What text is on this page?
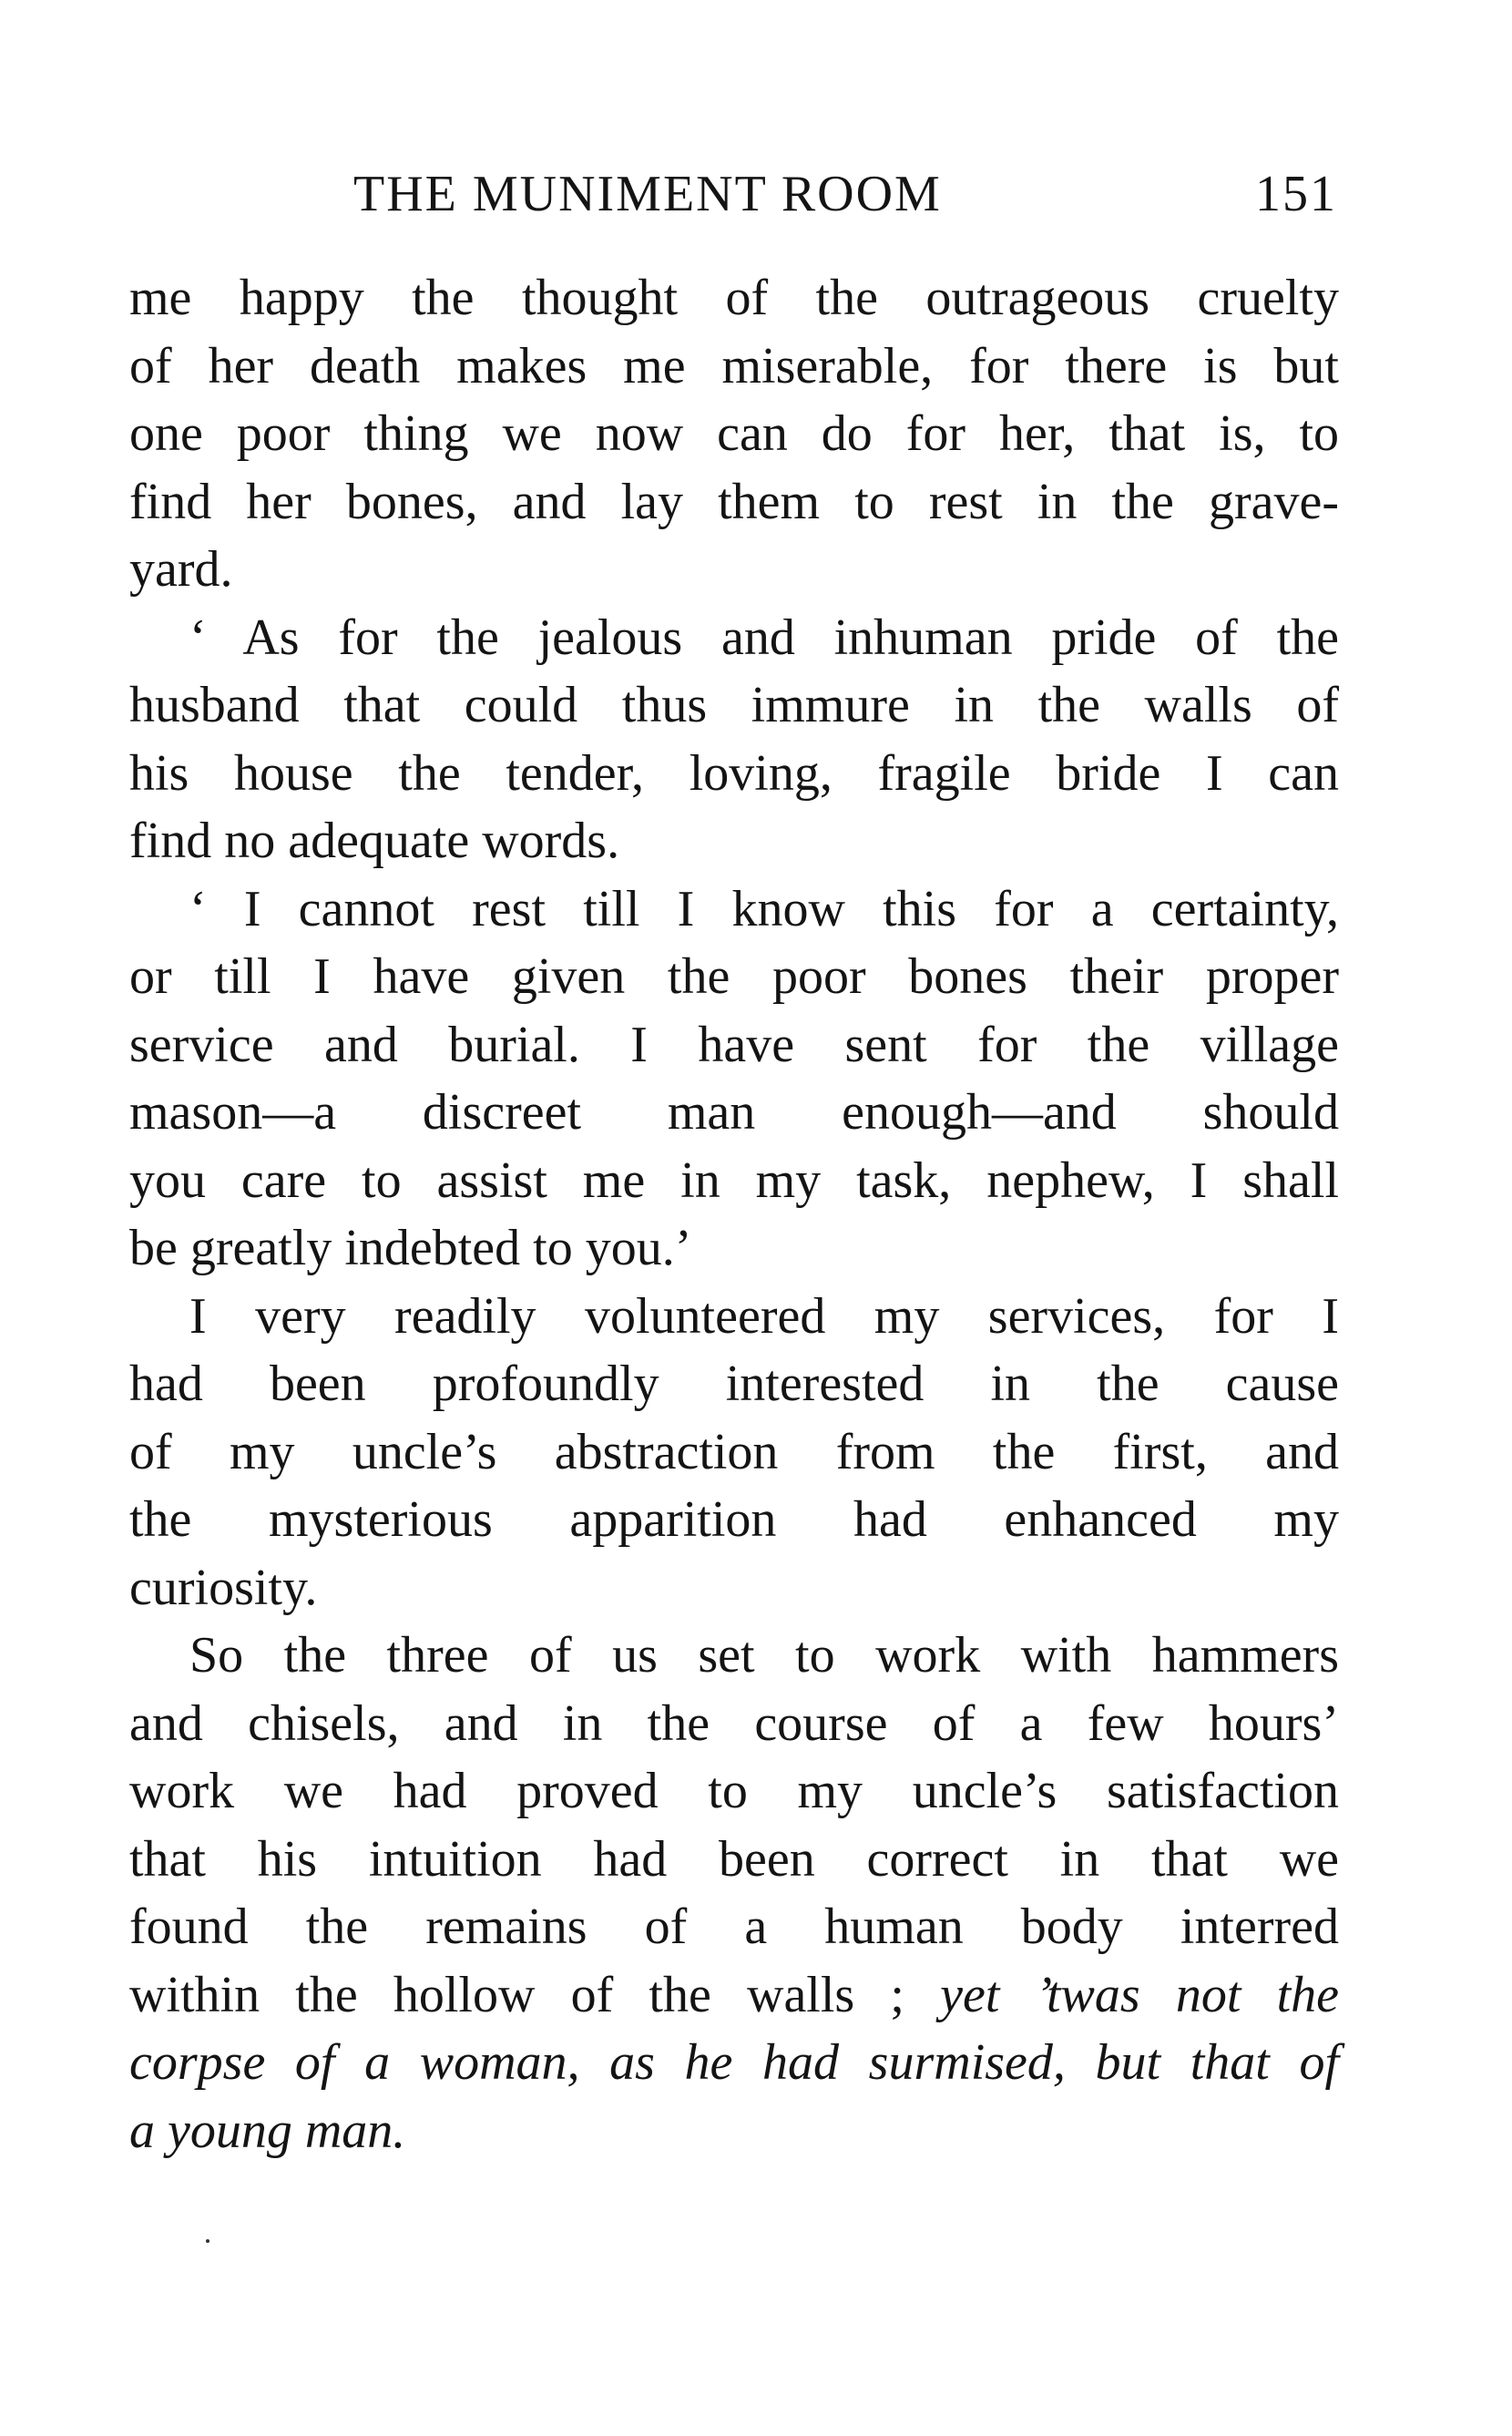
THE MUNIMENT ROOM	151
me happy the thought of the outrageous cruelty
of her death makes me miserable, for there is but
one poor thing we now can do for her, that is, to
find her bones, and lay them to rest in the grave-
yard.
‘ As for the jealous and inhuman pride of the
husband that could thus immure in the walls of
his house the tender, loving, fragile bride I can
find no adequate words.
‘ I cannot rest till I know this for a certainty,
or till I have given the poor bones their proper
service and burial. I have sent for the village
mason—a discreet man enough—and should
you care to assist me in my task, nephew, I shall
be greatly indebted to you.’
I very readily volunteered my services, for I
had been profoundly interested in the cause
of my uncle’s abstraction from the first, and
the mysterious apparition had enhanced my
curiosity.
So the three of us set to work with hammers
and chisels, and in the course of a few hours’
work we had proved to my uncle’s satisfaction
that his intuition had been correct in that we
found the remains of a human body interred
within the hollow of the walls ; yet ’twas not the
corpse of a woman, as he had surmised, but that of
a young man.
